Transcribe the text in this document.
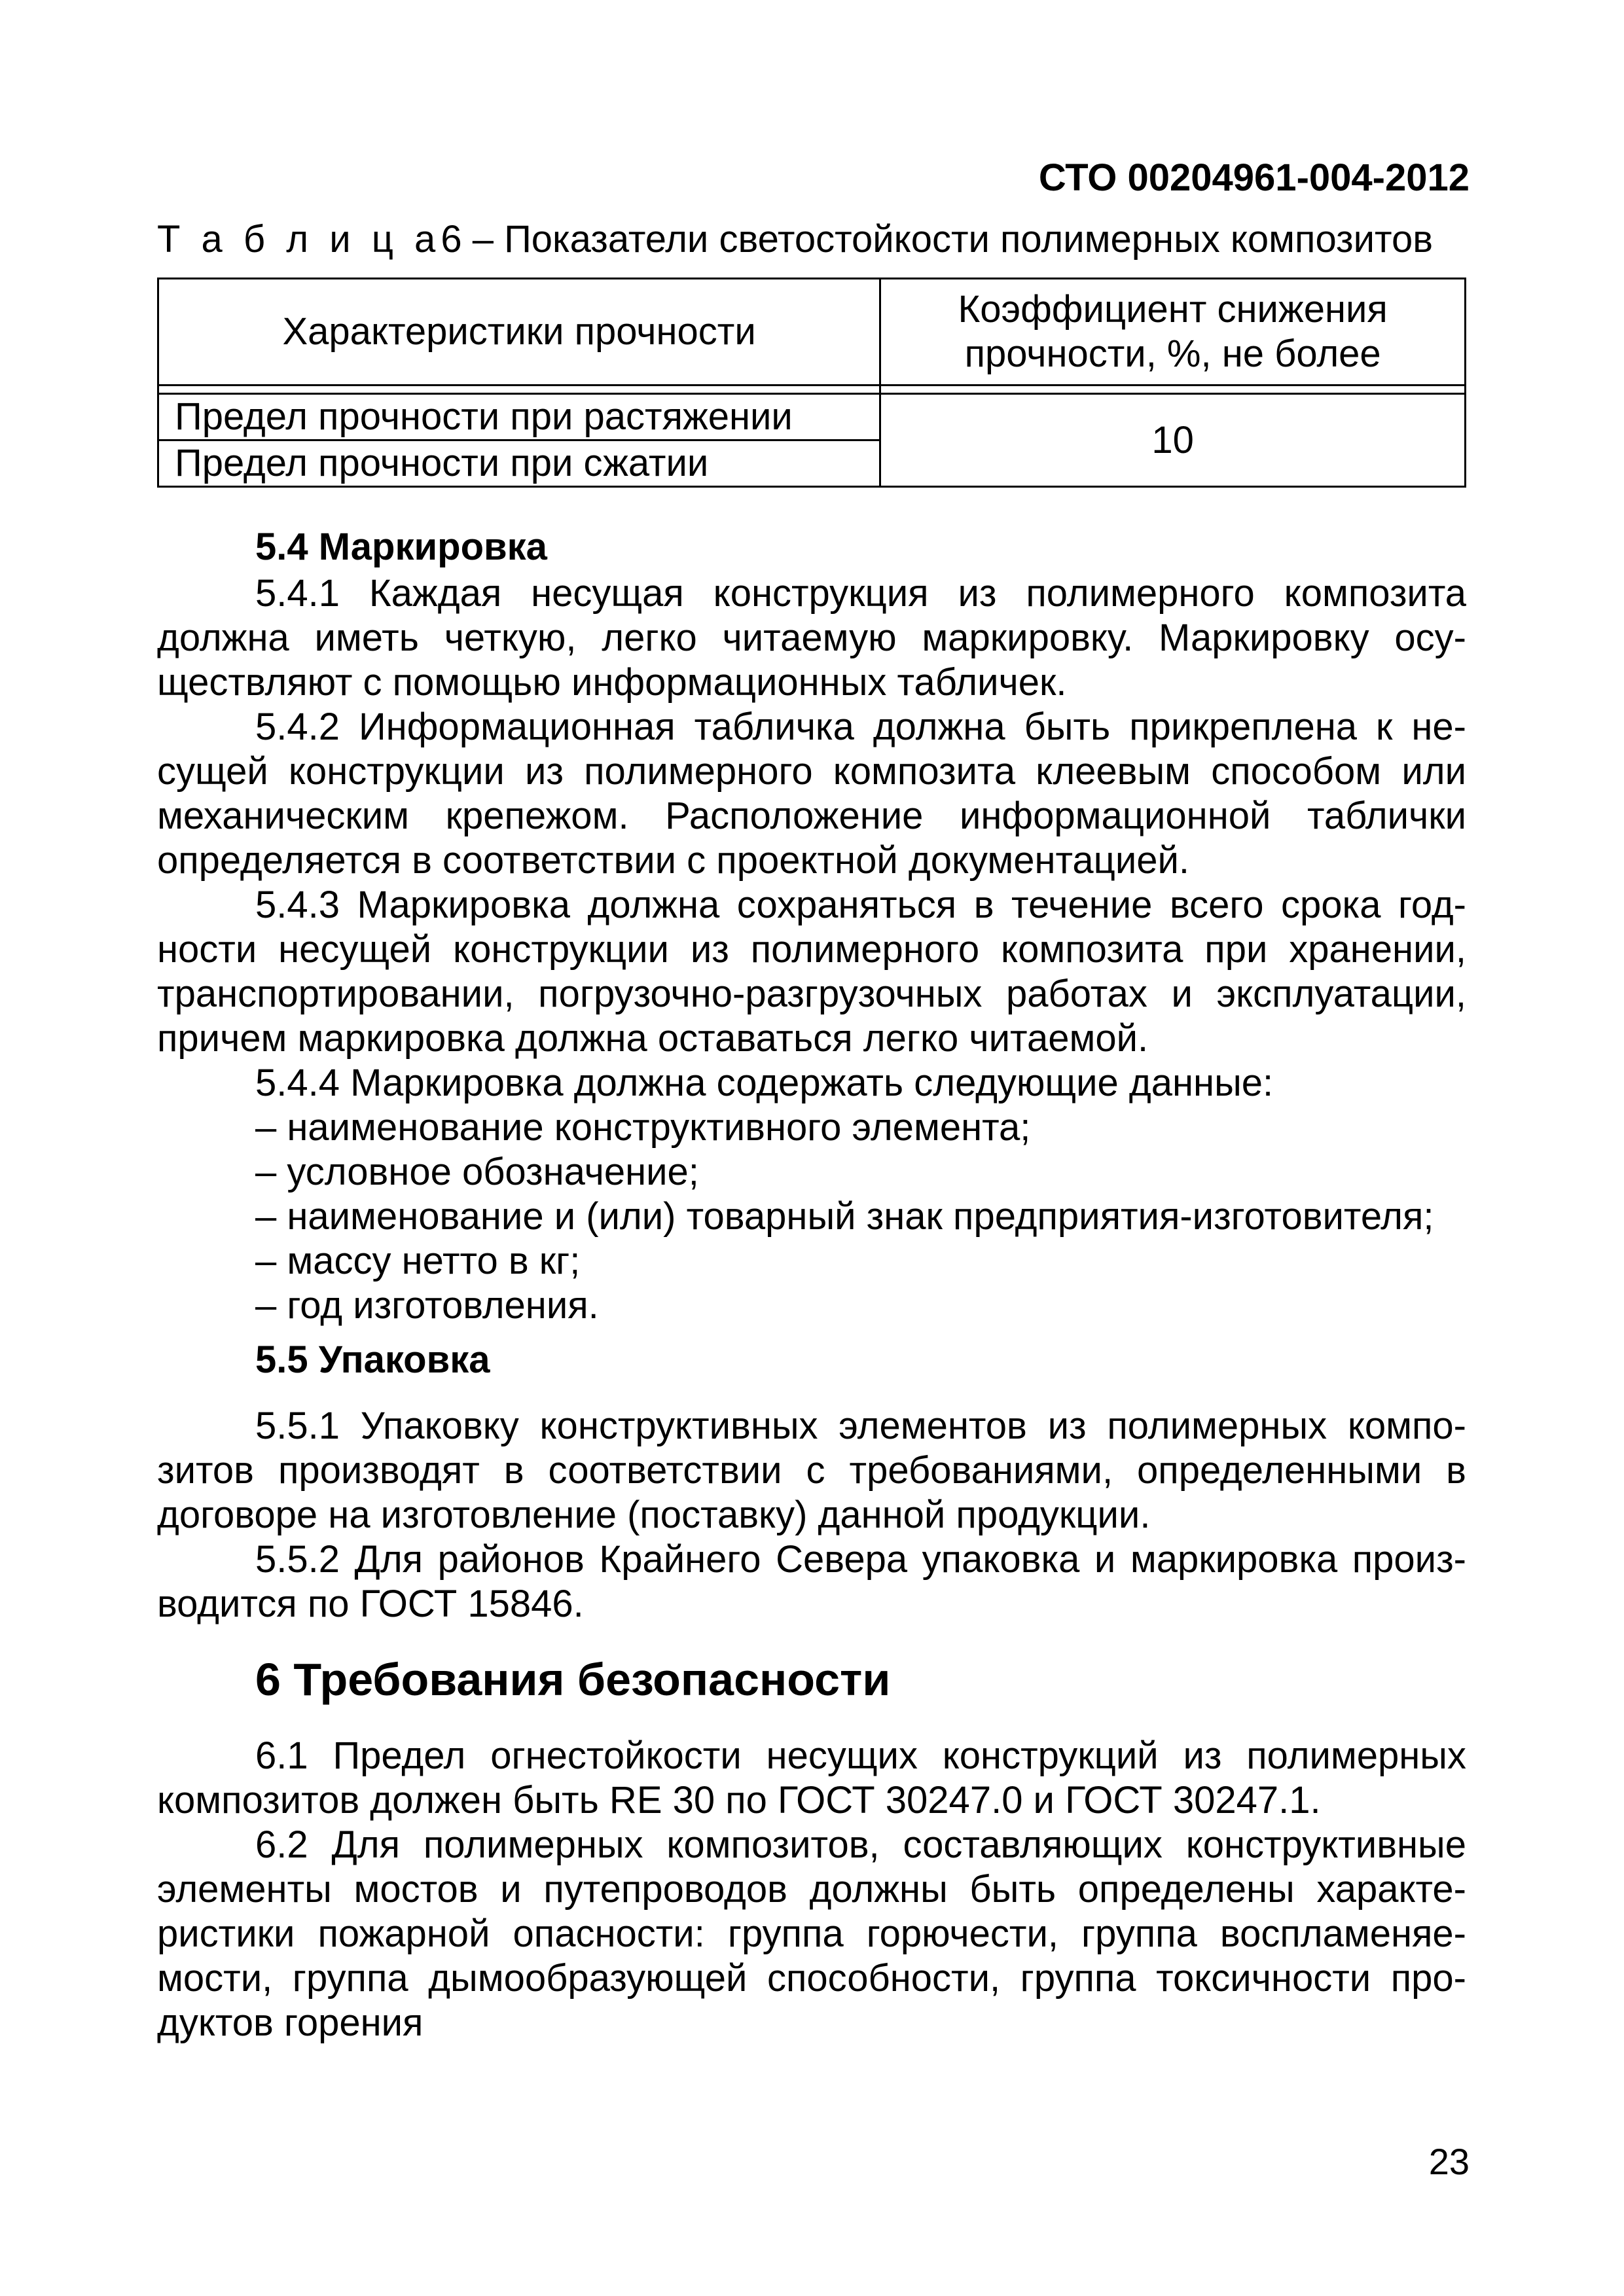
СТО 00204961-004-2012

Т а б л и ц а6 – Показатели светостойкости полимерных композитов

Характеристики прочности	Коэффициент снижения
прочности, %, не более

Предел прочности при растяжении	10
Предел прочности при сжатии	
5.4 Маркировка

5.4.1 Каждая несущая конструкция из полимерного композита должна иметь четкую, легко читаемую маркировку. Маркировку осуществляют с помощью информационных табличек.

5.4.2 Информационная табличка должна быть прикреплена к несущей конструкции из полимерного композита клеевым способом или механическим крепежом. Расположение информационной таблички определяется в соответствии с проектной документацией.

5.4.3 Маркировка должна сохраняться в течение всего срока годности несущей конструкции из полимерного композита при хранении, транспортировании, погрузочно-разгрузочных работах и эксплуатации, причем маркировка должна оставаться легко читаемой.

5.4.4 Маркировка должна содержать следующие данные:

– наименование конструктивного элемента;

– условное обозначение;

– наименование и (или) товарный знак предприятия-изготовителя;

– массу нетто в кг;

– год изготовления.

5.5 Упаковка

5.5.1 Упаковку конструктивных элементов из полимерных композитов производят в соответствии с требованиями, определенными в договоре на изготовление (поставку) данной продукции.

5.5.2 Для районов Крайнего Севера упаковка и маркировка производится по ГОСТ 15846.

6 Требования безопасности

6.1 Предел огнестойкости несущих конструкций из полимерных композитов должен быть RE 30 по ГОСТ 30247.0 и ГОСТ 30247.1.

6.2 Для полимерных композитов, составляющих конструктивные элементы мостов и путепроводов должны быть определены характеристики пожарной опасности: группа горючести, группа воспламеняемости, группа дымообразующей способности, группа токсичности продуктов горения

23
